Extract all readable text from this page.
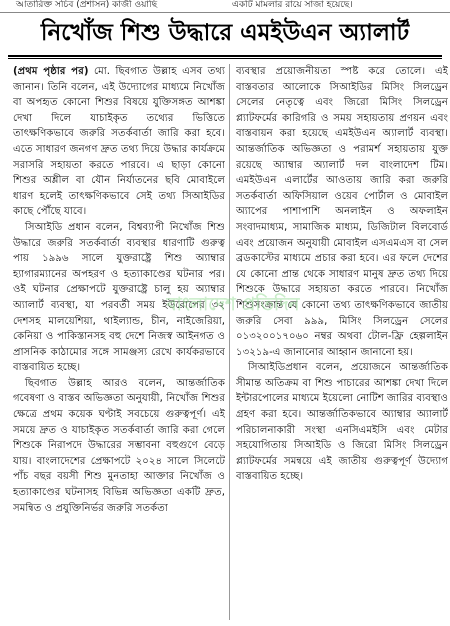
আতারিক্ত সচিব (প্রশাসন) কাজী ওয়াছি	একটি মামলার রায়ে সাজা হয়েছে।
নিখোঁজ শিশু উদ্ধারে এমইউএন অ্যালার্ট

(প্রথম পৃষ্ঠার পর) মো. ছিবগাত উল্লাহ এসব তথ্য জানান। তিনি বলেন, এই উদ্যোগের মাধ্যমে নিখোঁজ বা অপহৃত কোনো শিশুর বিষয়ে যুক্তিসঙ্গত আশঙ্কা দেখা দিলে যাচাইকৃত তথ্যের ভিত্তিতে তাৎক্ষণিকভাবে জরুরি সতর্কবার্তা জারি করা হবে। এতে সাধারণ জনগণ দ্রুত তথ্য দিয়ে উদ্ধার কার্যক্রমে সরাসরি সহায়তা করতে পারবে। এ ছাড়া কোনো শিশুর অশ্লীল বা যৌন নির্যাতনের ছবি মোবাইলে ধারণ হলেই তাৎক্ষণিকভাবে সেই তথ্য সিআইডির কাছে পৌঁছে যাবে।

সিআইডি প্রধান বলেন, বিশ্বব্যাপী নিখোঁজ শিশু উদ্ধারে জরুরি সতর্কবার্তা ব্যবস্থার ধারণাটি গুরুত্ব পায় ১৯৯৬ সালে যুক্তরাষ্ট্রে শিশু অ্যাম্বার হ্যাগারম্যানের অপহরণ ও হত্যাকাণ্ডের ঘটনার পর। ওই ঘটনার প্রেক্ষাপটে যুক্তরাষ্ট্রে চালু হয় অ্যাম্বার অ্যালার্ট ব্যবস্থা, যা পরবর্তী সময় ইউরোপের ৩২ দেশসহ মালয়েশিয়া, থাইল্যান্ড, চীন, নাইজেরিয়া, কেনিয়া ও পাকিস্তানসহ বহু দেশে নিজস্ব আইনগত ও প্রাসনিক কাঠামোর সঙ্গে সামঞ্জস্য রেখে কার্যকরভাবে বাস্তবায়িত হচ্ছে।

ছিবগাত উল্লাহ আরও বলেন, আন্তর্জাতিক গবেষণা ও বাস্তব অভিজ্ঞতা অনুযায়ী, নিখোঁজ শিশুর ক্ষেত্রে প্রথম কয়েক ঘণ্টাই সবচেয়ে গুরুত্বপূর্ণ। এই সময়ে দ্রুত ও যাচাইকৃত সতর্কবার্তা জারি করা গেলে শিশুকে নিরাপদে উদ্ধারের সম্ভাবনা বহুগুণে বেড়ে যায়। বাংলাদেশের প্রেক্ষাপটে ২০২৪ সালে সিলেটে পাঁচ বছর বয়সী শিশু মুনতাহা আক্তার নিখোঁজ ও হত্যাকাণ্ডের ঘটনাসহ বিভিন্ন অভিজ্ঞতা একটি দ্রুত, সমন্বিত ও প্রযুক্তিনির্ভর জরুরি সতর্কতা

ব্যবস্থার প্রয়োজনীয়তা স্পষ্ট করে তোলে। এই বাস্তবতার আলোকে সিআইডির মিসিং সিলড্রেন সেলের নেতৃত্বে এবং জিরো মিসিং সিলড্রেন প্ল্যাটফর্মের কারিগরি ও সময় সহায়তায় প্রণয়ন এবং বাস্তবায়ন করা হয়েছে এমইউএন অ্যালার্ট ব্যবস্থা। আন্তর্জাতিক অভিজ্ঞতা ও পরামর্শ সহায়তায় যুক্ত রয়েছে অ্যাম্বার অ্যালার্ট দল বাংলাদেশ টিম। এমইউএন এলার্টের আওতায় জারি করা জরুরি সতর্কবার্তা অফিসিয়াল ওয়েব পোর্টাল ও মোবাইল অ্যাপের পাশাপাশি অনলাইন ও অফলাইন সংবাদমাধ্যম, সামাজিক মাধ্যম, ডিজিটাল বিলবোর্ড এবং প্রয়োজন অনুযায়ী মোবাইল এসএমএস বা সেল ব্রডকাস্টের মাধ্যমে প্রচার করা হবে। এর ফলে দেশের যে কোনো প্রান্ত থেকে সাধারণ মানুষ দ্রুত তথ্য দিয়ে শিশুকে উদ্ধারে সহায়তা করতে পারবে। নিখোঁজ শিশুসংক্রান্ত যে কোনো তথ্য তাৎক্ষণিকভাবে জাতীয় জরুরি সেবা ৯৯৯, মিসিং সিলড্রেন সেলের ০১৩২০০১৭০৬০ নম্বর অথবা টোল-ফ্রি হেল্পলাইন ১৩২১৯-এ জানানোর আহ্বান জানানো হয়।

সিআইডিপ্রধান বলেন, প্রয়োজনে আন্তর্জাতিক সীমান্ত অতিক্রম বা শিশু পাচারের আশঙ্কা দেখা দিলে ইন্টারপোলের মাধ্যমে ইয়েলো নোটিশ জারির ব্যবস্থাও গ্রহণ করা হবে। আন্তর্জাতিকভাবে অ্যাম্বার অ্যালার্ট পরিচালনাকারী সংস্থা এনসিএমইসি এবং মেটার সহযোগিতায় সিআইডি ও জিরো মিসিং সিলড্রেন প্ল্যাটফর্মের সমন্বয়ে এই জাতীয় গুরুত্বপূর্ণ উদ্যোগ বাস্তবায়িত হচ্ছে।

বাংলাদেশ প্রতিদিন
